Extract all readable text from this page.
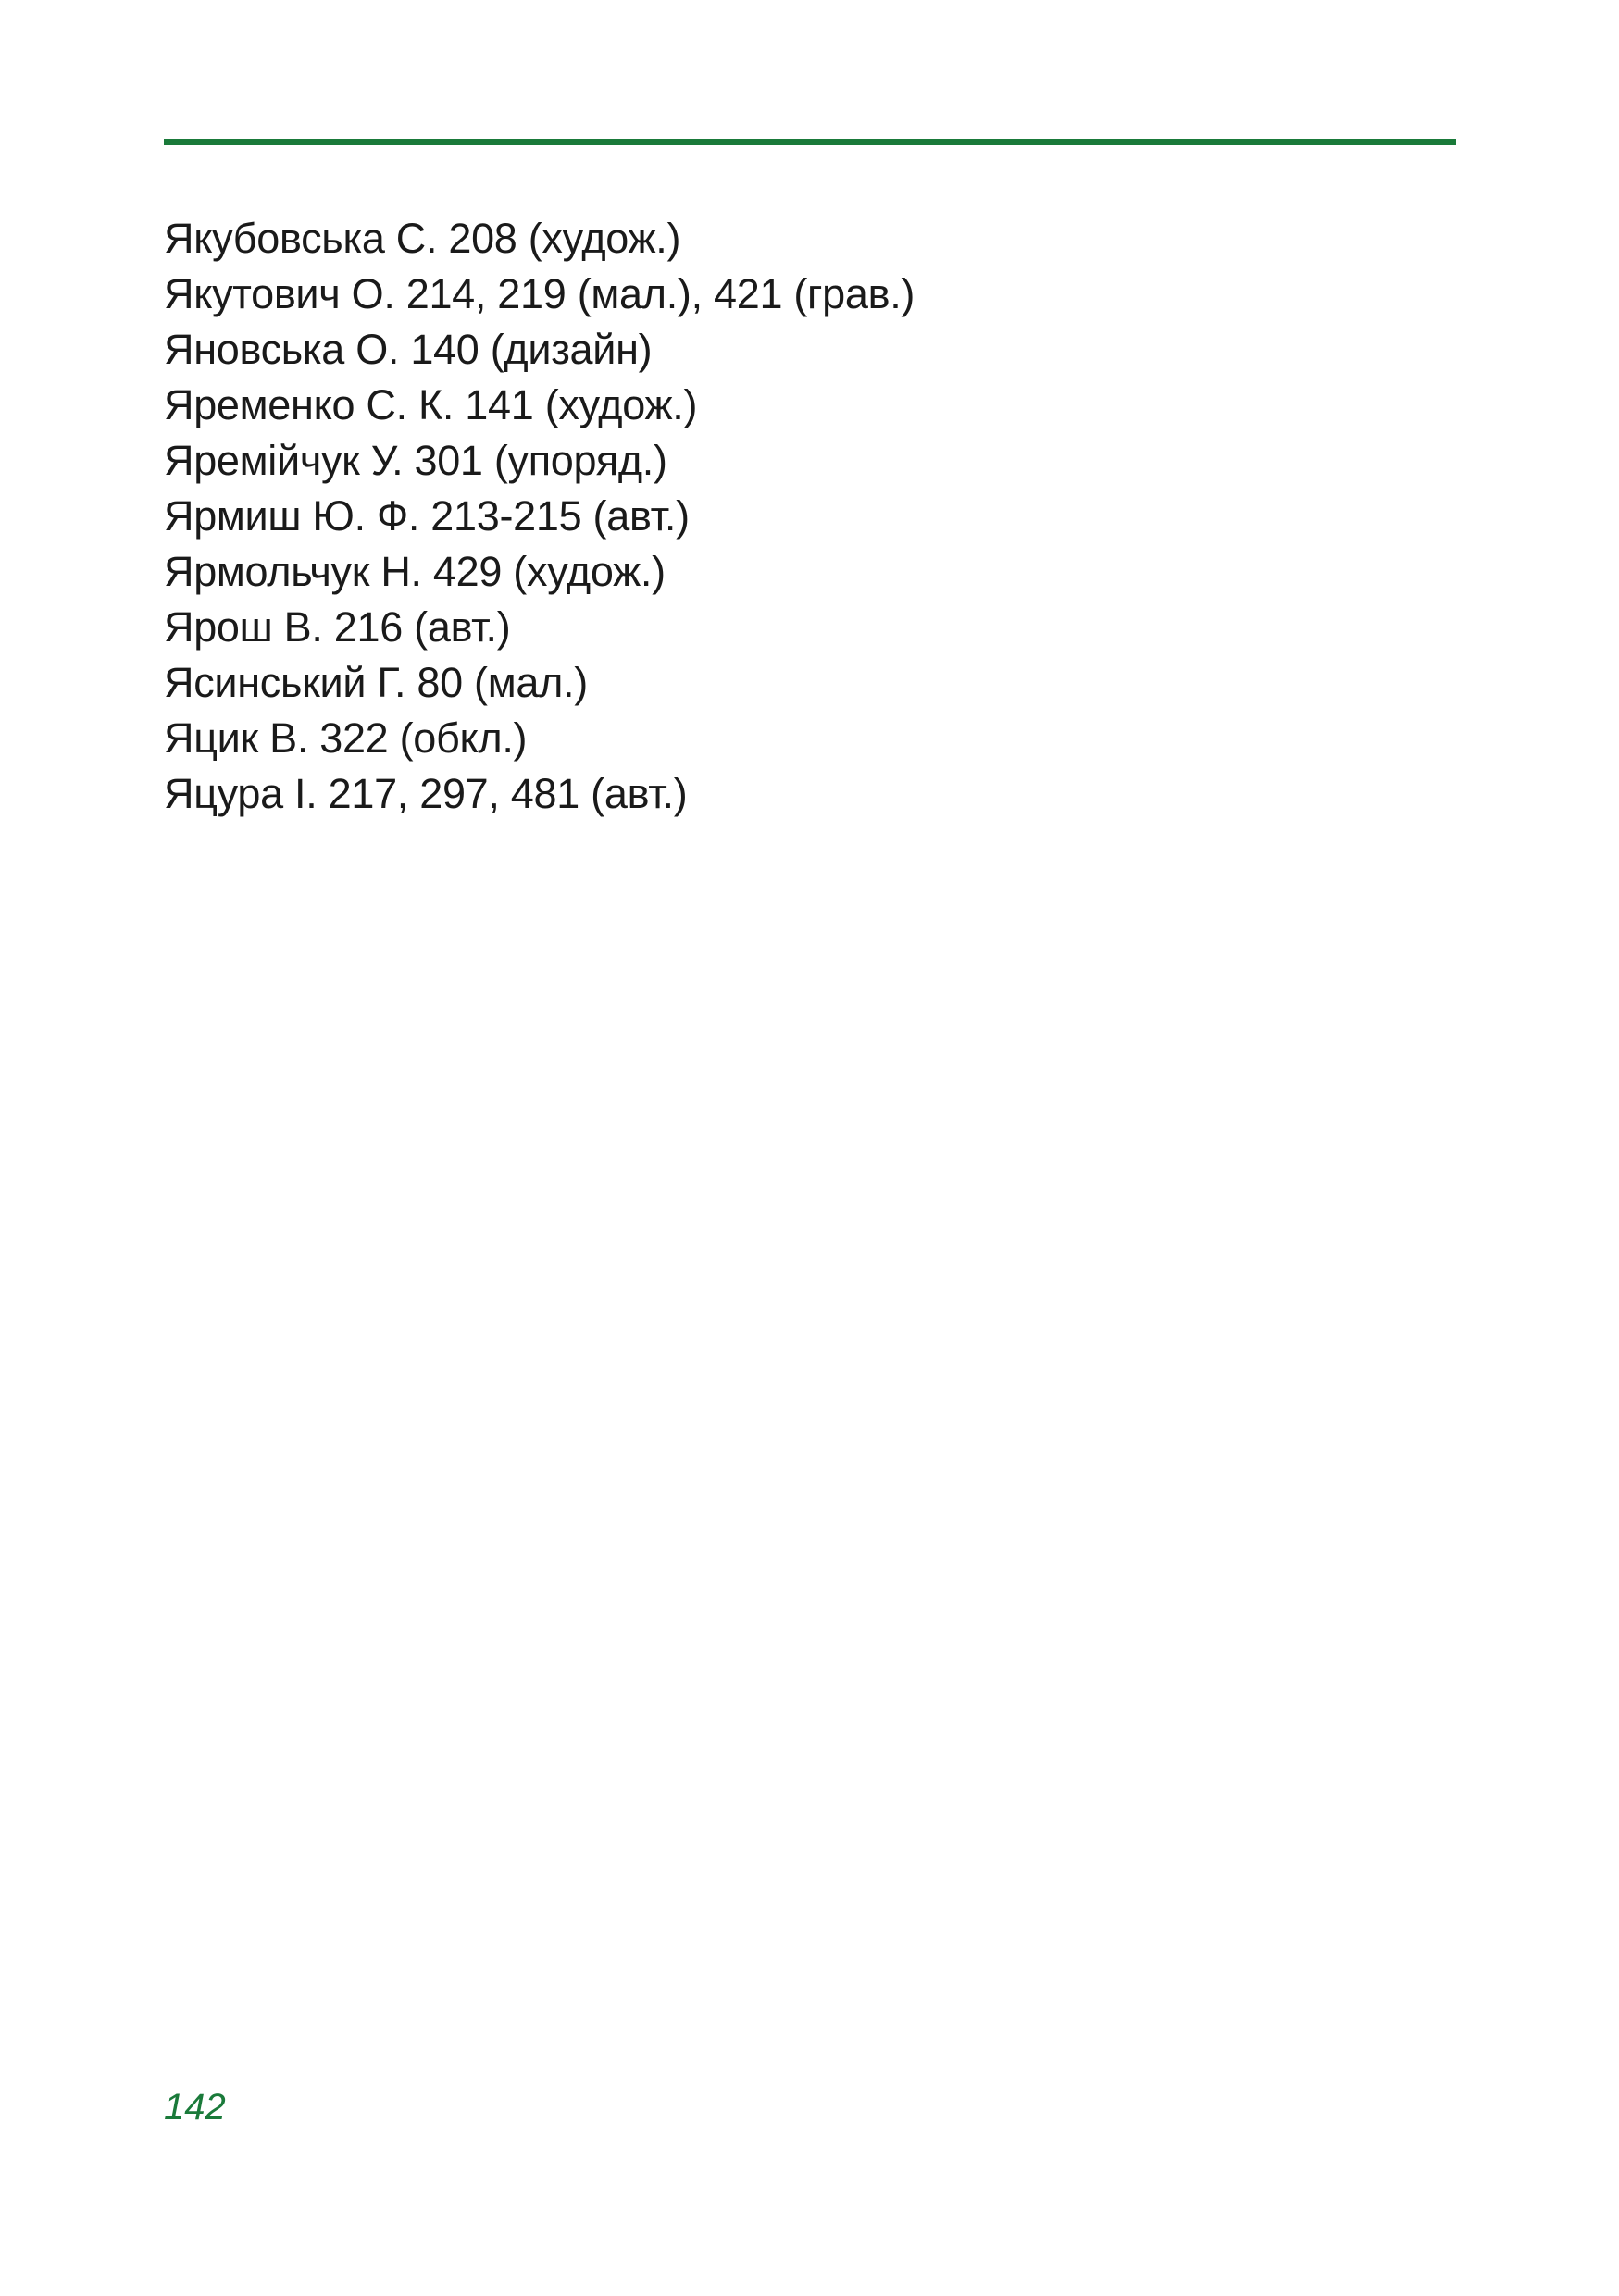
Якубовська С. 208 (худож.)
Якутович О. 214, 219 (мал.), 421 (грав.)
Яновська О. 140 (дизайн)
Яременко С. К. 141 (худож.)
Яремійчук У. 301 (упоряд.)
Ярмиш Ю. Ф. 213-215 (авт.)
Ярмольчук Н. 429 (худож.)
Ярош В. 216 (авт.)
Ясинський Г. 80 (мал.)
Яцик В. 322 (обкл.)
Яцура І. 217, 297, 481 (авт.)
142
